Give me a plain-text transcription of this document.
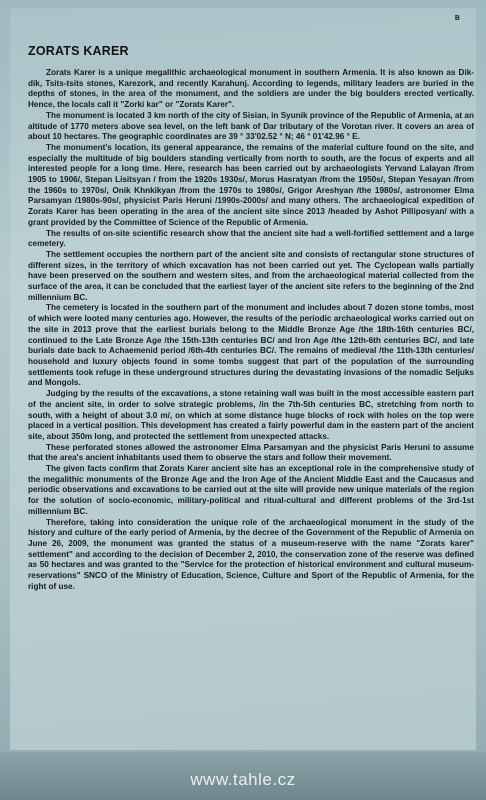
B
ZORATS KARER

Zorats Karer is a unique megalithic archaeological monument in southern Armenia. It is also known as Dik-dik, Tsits-tsits stones, Karezork, and recently Karahunj. According to legends, military leaders are buried in the depths of stones, in the area of the monument, and the soldiers are under the big boulders erected vertically. Hence, the locals call it "Zorki kar" or "Zorats Karer".

The monument is located 3 km north of the city of Sisian, in Syunik province of the Republic of Armenia, at an altitude of 1770 meters above sea level, on the left bank of Dar tributary of the Vorotan river. It covers an area of about 10 hectares. The geographic coordinates are 39 ° 33'02.52 ° N; 46 ° 01'42.96 ° E.

The monument's location, its general appearance, the remains of the material culture found on the site, and especially the multitude of big boulders standing vertically from north to south, are the focus of experts and all interested people for a long time. Here, research has been carried out by archaeologists Yervand Lalayan /from 1905 to 1906/, Stepan Lisitsyan / from the 1920s 1930s/, Morus Hasratyan /from the 1950s/, Stepan Yesayan /from the 1960s to 1970s/, Onik Khnkikyan /from the 1970s to 1980s/, Grigor Areshyan /the 1980s/, astronomer Elma Parsamyan /1980s-90s/, physicist Paris Heruni /1990s-2000s/ and many others. The archaeological expedition of Zorats Karer has been operating in the area of the ancient site since 2013 /headed by Ashot Pilliposyan/ with a grant provided by the Committee of Science of the Republic of Armenia.

The results of on-site scientific research show that the ancient site had a well-fortified settlement and a large cemetery.

The settlement occupies the northern part of the ancient site and consists of rectangular stone structures of different sizes, in the territory of which excavation has not been carried out yet. The Cyclopean walls partially have been preserved on the southern and western sites, and from the archaeological material collected from the surface of the area, it can be concluded that the earliest layer of the ancient site refers to the beginning of the 2nd millennium BC.

The cemetery is located in the southern part of the monument and includes about 7 dozen stone tombs, most of which were looted many centuries ago. However, the results of the periodic archaeological works carried out on the site in 2013 prove that the earliest burials belong to the Middle Bronze Age /the 18th-16th centuries BC/, continued to the Late Bronze Age /the 15th-13th centuries BC/ and Iron Age /the 12th-6th centuries BC/, and late burials date back to Achaemenid period /6th-4th centuries BC/. The remains of medieval /the 11th-13th centuries/ household and luxury objects found in some tombs suggest that part of the population of the surrounding settlements took refuge in these underground structures during the devastating invasions of the nomadic Seljuks and Mongols.

Judging by the results of the excavations, a stone retaining wall was built in the most accessible eastern part of the ancient site, in order to solve strategic problems, /in the 7th-5th centuries BC, stretching from north to south, with a height of about 3.0 m/, on which at some distance huge blocks of rock with holes on the top were placed in a vertical position. This development has created a fairly powerful dam in the eastern part of the ancient site, about 350m long, and protected the settlement from unexpected attacks.

These perforated stones allowed the astronomer Elma Parsamyan and the physicist Paris Heruni to assume that the area's ancient inhabitants used them to observe the stars and follow their movement.

The given facts confirm that Zorats Karer ancient site has an exceptional role in the comprehensive study of the megalithic monuments of the Bronze Age and the Iron Age of the Ancient Middle East and the Caucasus and periodic observations and excavations to be carried out at the site will provide new unique materials of the region for the solution of socio-economic, military-political and ritual-cultural and different problems of the 3rd-1st millennium BC.

Therefore, taking into consideration the unique role of the archaeological monument in the study of the history and culture of the early period of Armenia, by the decree of the Government of the Republic of Armenia on June 26, 2009, the monument was granted the status of a museum-reserve with the name "Zorats karer" settlement" and according to the decision of December 2, 2010, the conservation zone of the reserve was defined as 50 hectares and was granted to the "Service for the protection of historical environment and cultural museum-reservations" SNCO of the Ministry of Education, Science, Culture and Sport of the Republic of Armenia, for the right of use.

www.tahle.cz
